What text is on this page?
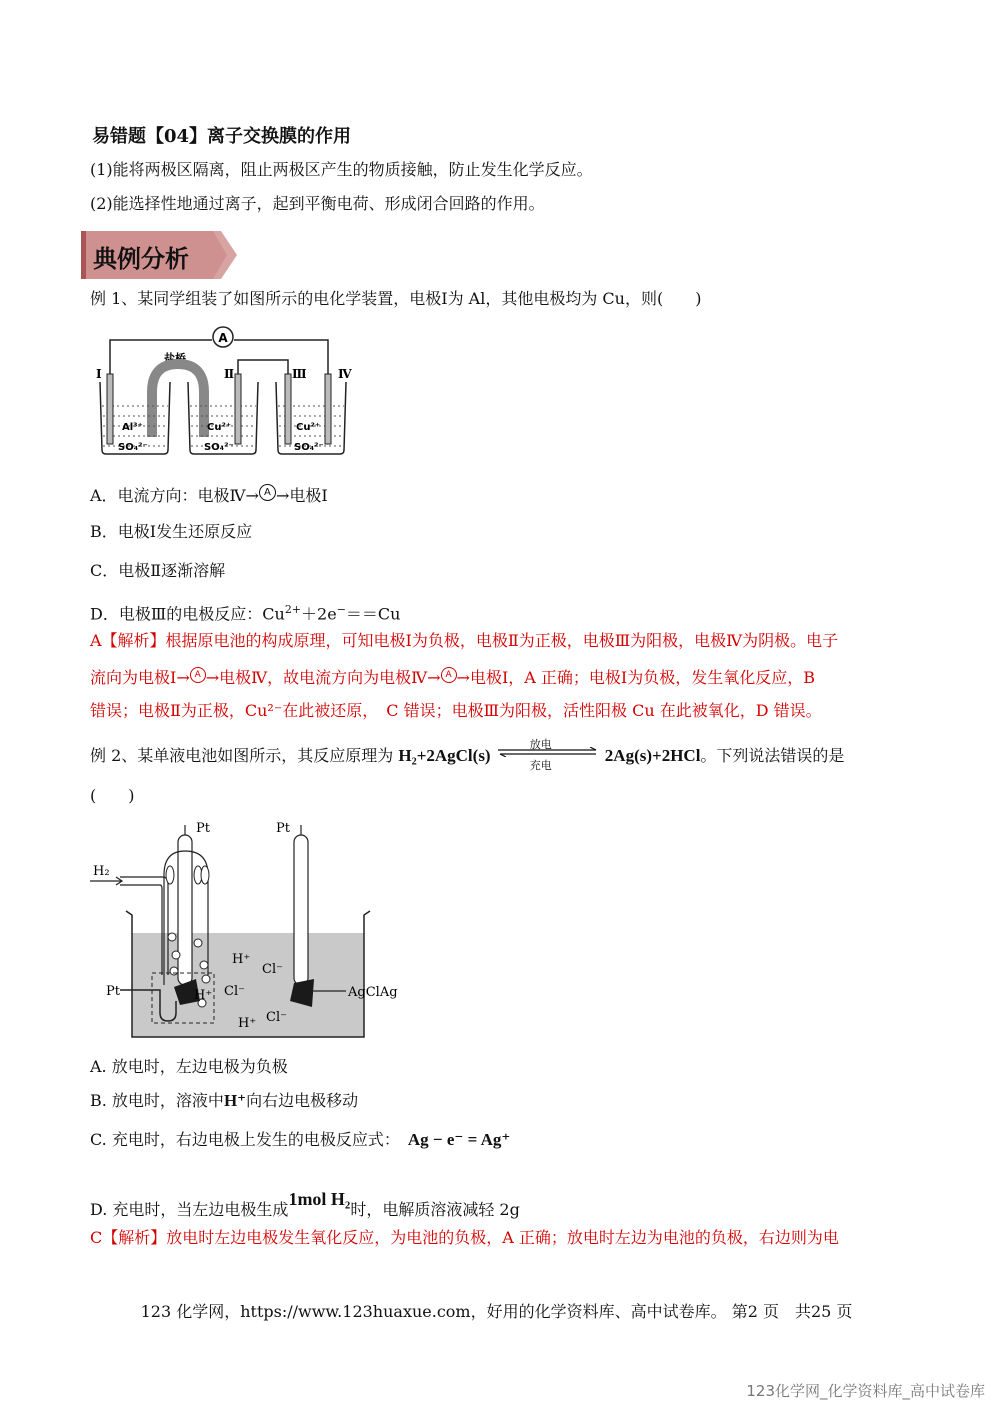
易错题【04】离子交换膜的作用
(1)能将两极区隔离，阻止两极区产生的物质接触，防止发生化学反应。
(2)能选择性地通过离子，起到平衡电荷、形成闭合回路的作用。
典例分析
例 1、某同学组装了如图所示的电化学装置，电极Ⅰ为 Al，其他电极均为 Cu，则(　　)
A
盐桥
Ⅰ	Ⅱ	Ⅲ	Ⅳ
Al³⁺
SO₄²⁻
Cu²⁺
SO₄²⁻
Cu²⁺
SO₄²⁻
A．电流方向：电极Ⅳ→ A →电极Ⅰ
B．电极Ⅰ发生还原反应
C．电极Ⅱ逐渐溶解
D．电极Ⅲ的电极反应：$Cu^{2+}+2e^-==Cu$
A【解析】根据原电池的构成原理，可知电极Ⅰ为负极，电极Ⅱ为正极，电极Ⅲ为阳极，电极Ⅳ为阴极。电子
流向为电极Ⅰ→ A →电极Ⅳ，故电流方向为电极Ⅳ→ A →电极Ⅰ，A 正确；电极Ⅰ为负极，发生氧化反应，B
错误；电极Ⅱ为正极，Cu²⁻在此被还原，　C 错误；电极Ⅲ为阳极，活性阳极 Cu 在此被氧化，D 错误。
例 2、某单液电池如图所示，其反应原理为 H₂+2AgCl(s)
放电
充电
2Ag(s)+2HCl。下列说法错误的是
(　　)
H₂
Pt
Pt
Pt
AgClAg
H⁺
Cl⁻
H⁺ Cl⁻
H⁺ Cl⁻
A. 放电时，左边电极为负极
B. 放电时，溶液中H⁺向右边电极移动
C. 充电时，右边电极上发生的电极反应式： Ag − e⁻ = Ag⁺
D. 充电时，当左边电极生成1mol H₂时，电解质溶液减轻 2g
C【解析】放电时左边电极发生氧化反应，为电池的负极，A 正确；放电时左边为电池的负极，右边则为电
123 化学网，https://www.123huaxue.com，好用的化学资料库、高中试卷库。 第2 页　共25 页
123化学网_化学资料库_高中试卷库
